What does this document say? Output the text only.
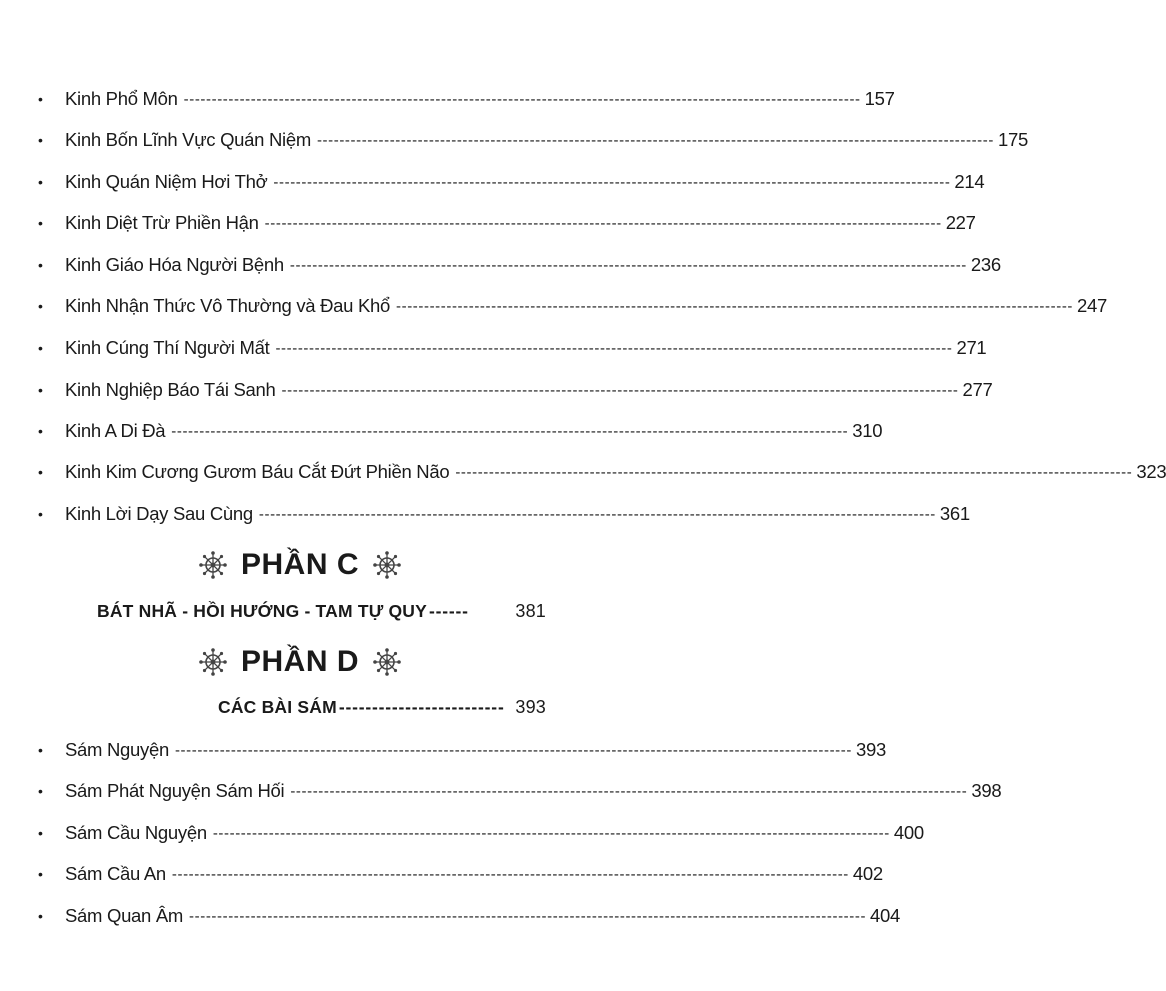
•	Kinh Phổ Môn ------------------------------------------------------------------------------------------------------------------------- 157
•	Kinh Bốn Lĩnh Vực Quán Niệm ------------------------------------------------------------------------------------------------------------------------- 175
•	Kinh Quán Niệm Hơi Thở ------------------------------------------------------------------------------------------------------------------------- 214
•	Kinh Diệt Trừ Phiền Hận ------------------------------------------------------------------------------------------------------------------------- 227
•	Kinh Giáo Hóa Người Bệnh ------------------------------------------------------------------------------------------------------------------------- 236
•	Kinh Nhận Thức Vô Thường và Đau Khổ ------------------------------------------------------------------------------------------------------------------------- 247
•	Kinh Cúng Thí Người Mất ------------------------------------------------------------------------------------------------------------------------- 271
•	Kinh Nghiệp Báo Tái Sanh ------------------------------------------------------------------------------------------------------------------------- 277
•	Kinh A Di Đà ------------------------------------------------------------------------------------------------------------------------- 310
•	Kinh Kim Cương Gươm Báu Cắt Đứt Phiền Não ------------------------------------------------------------------------------------------------------------------------- 323
•	Kinh Lời Dạy Sau Cùng ------------------------------------------------------------------------------------------------------------------------- 361
PHẦN C
BÁT NHÃ - HỒI HƯỚNG - TAM TỰ QUY ------	381
PHẦN D
CÁC BÀI SÁM ------------------------- 393
•	Sám Nguyện ------------------------------------------------------------------------------------------------------------------------- 393
•	Sám Phát Nguyện Sám Hối ------------------------------------------------------------------------------------------------------------------------- 398
•	Sám Cầu Nguyện ------------------------------------------------------------------------------------------------------------------------- 400
•	Sám Cầu An ------------------------------------------------------------------------------------------------------------------------- 402
•	Sám Quan Âm ------------------------------------------------------------------------------------------------------------------------- 404
